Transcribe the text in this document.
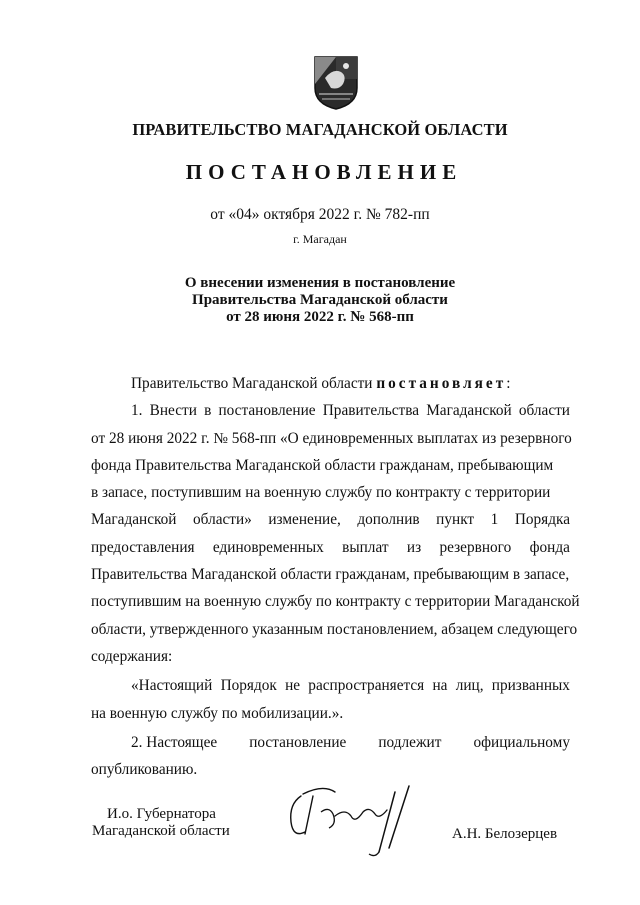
ПРАВИТЕЛЬСТВО МАГАДАНСКОЙ ОБЛАСТИ
ПОСТАНОВЛЕНИЕ
от «04» октября 2022 г. № 782-пп
г. Магадан
О внесении изменения в постановление
Правительства Магаданской области
от 28 июня 2022 г. № 568-пп
Правительство Магаданской области постановляет:
1. Внести в постановление Правительства Магаданской области
от 28 июня 2022 г. № 568-пп «О единовременных выплатах из резервного
фонда Правительства Магаданской области гражданам, пребывающим
в запасе, поступившим на военную службу по контракту с территории
Магаданской области» изменение, дополнив пункт 1 Порядка
предоставления единовременных выплат из резервного фонда
Правительства Магаданской области гражданам, пребывающим в запасе,
поступившим на военную службу по контракту с территории Магаданской
области, утвержденного указанным постановлением, абзацем следующего
содержания:
«Настоящий Порядок не распространяется на лиц, призванных
на военную службу по мобилизации.».
2. Настоящее постановление подлежит официальному
опубликованию.
И.о. Губернатора
Магаданской области	А.Н. Белозерцев
